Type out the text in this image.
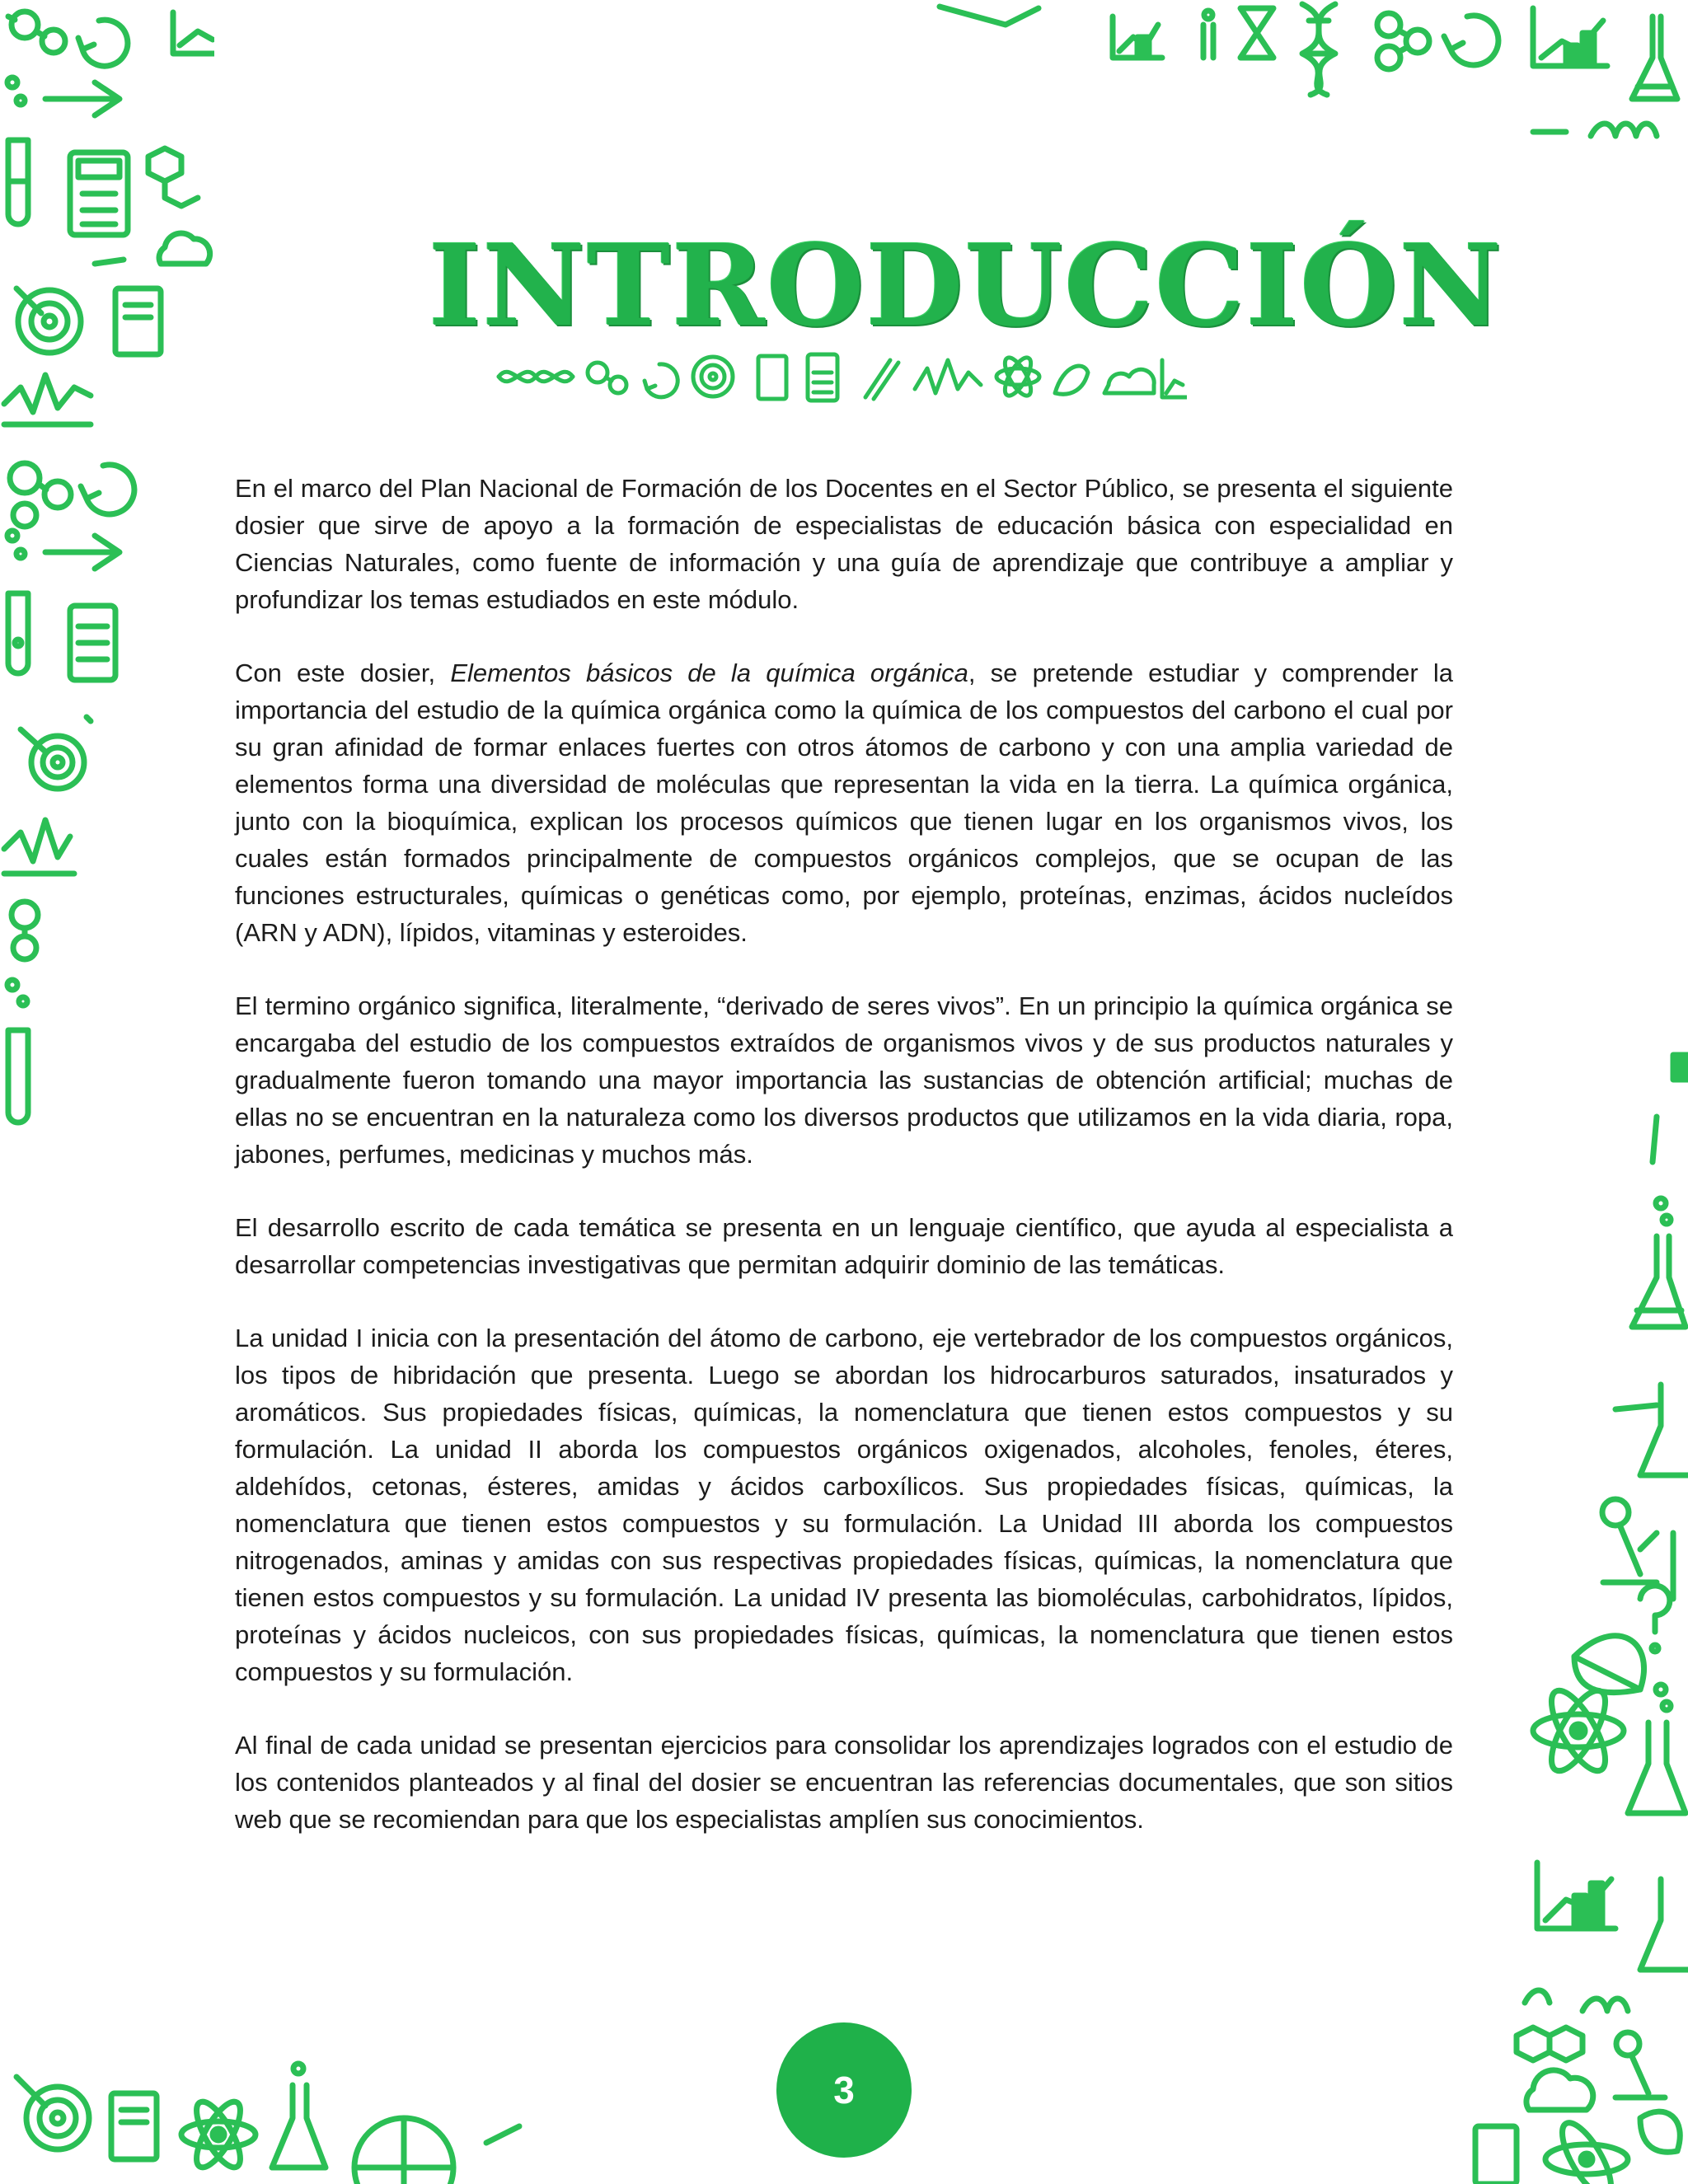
INTRODUCCIÓN

En el marco del Plan Nacional de Formación de los Docentes en el Sector Público, se presenta el siguiente dosier que sirve de apoyo a la formación de especialistas de educación básica con especialidad en Ciencias Naturales, como fuente de información y una guía de aprendizaje que contribuye a ampliar y profundizar los temas estudiados en este módulo.

Con este dosier, Elementos básicos de la química orgánica, se pretende estudiar y comprender la importancia del estudio de la química orgánica como la química de los compuestos del carbono el cual por su gran afinidad de formar enlaces fuertes con otros átomos de carbono y con una amplia variedad de elementos forma una diversidad de moléculas que representan la vida en la tierra. La química orgánica, junto con la bioquímica, explican los procesos químicos que tienen lugar en los organismos vivos, los cuales están formados principalmente de compuestos orgánicos complejos, que se ocupan de las funciones estructurales, químicas o genéticas como, por ejemplo, proteínas, enzimas, ácidos nucleídos (ARN y ADN), lípidos, vitaminas y esteroides.

El termino orgánico significa, literalmente, “derivado de seres vivos”. En un principio la química orgánica se encargaba del estudio de los compuestos extraídos de organismos vivos y de sus productos naturales y gradualmente fueron tomando una mayor importancia las sustancias de obtención artificial; muchas de ellas no se encuentran en la naturaleza como los diversos productos que utilizamos en la vida diaria, ropa, jabones, perfumes, medicinas y muchos más.

El desarrollo escrito de cada temática se presenta en un lenguaje científico, que ayuda al especialista a desarrollar competencias investigativas que permitan adquirir dominio de las temáticas.

La unidad I inicia con la presentación del átomo de carbono, eje vertebrador de los compuestos orgánicos, los tipos de hibridación que presenta. Luego se abordan los hidrocarburos saturados, insaturados y aromáticos. Sus propiedades físicas, químicas, la nomenclatura que tienen estos compuestos y su formulación. La unidad II aborda los compuestos orgánicos oxigenados, alcoholes, fenoles, éteres, aldehídos, cetonas, ésteres, amidas y ácidos carboxílicos. Sus propiedades físicas, químicas, la nomenclatura que tienen estos compuestos y su formulación. La Unidad III aborda los compuestos nitrogenados, aminas y amidas con sus respectivas propiedades físicas, químicas, la nomenclatura que tienen estos compuestos y su formulación. La unidad IV presenta las biomoléculas, carbohidratos, lípidos, proteínas y ácidos nucleicos, con sus propiedades físicas, químicas, la nomenclatura que tienen estos compuestos y su formulación.

Al final de cada unidad se presentan ejercicios para consolidar los aprendizajes logrados con el estudio de los contenidos planteados y al final del dosier se encuentran las referencias documentales, que son sitios web que se recomiendan para que los especialistas amplíen sus conocimientos.

3
